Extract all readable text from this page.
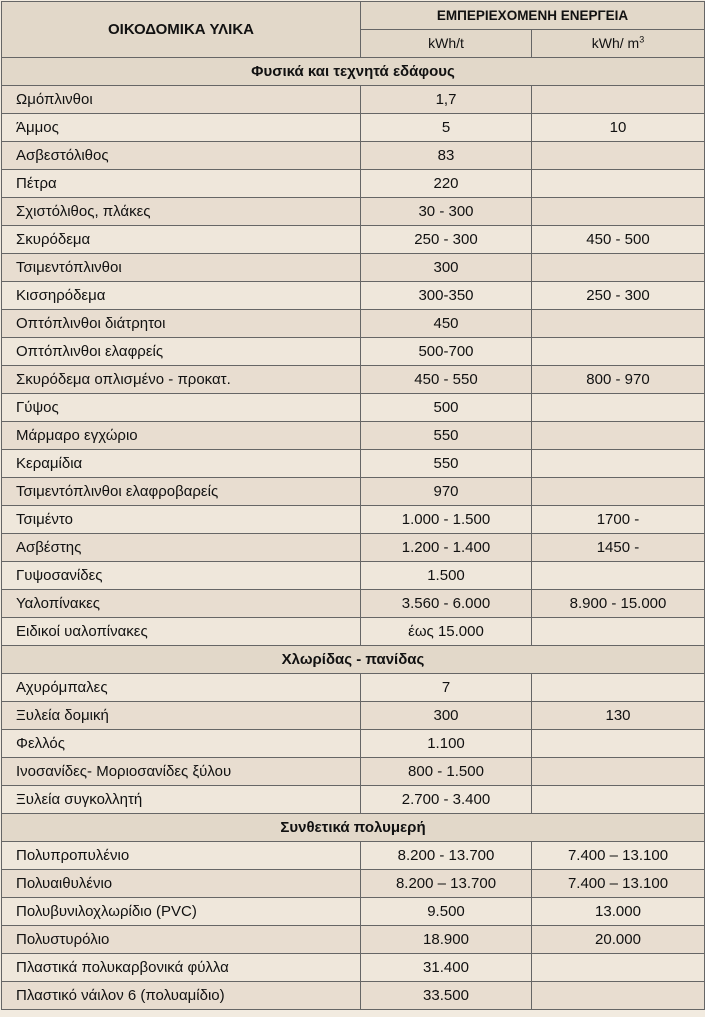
ΟΙΚΟΔΟΜΙΚΑ ΥΛΙΚΑ	ΕΜΠΕΡΙΕΧΟΜΕΝΗ ΕΝΕΡΓΕΙΑ	
	kWh/t	kWh/ $m^3$
Φυσικά και τεχνητά εδάφους		
Ωμόπλινθοι	1,7	
Άμμος	5	10
Ασβεστόλιθος	83	
Πέτρα	220	
Σχιστόλιθος, πλάκες	30 - 300	
Σκυρόδεμα	250 - 300	450 - 500
Τσιμεντόπλινθοι	300	
Κισσηρόδεμα	300-350	250 - 300
Οπτόπλινθοι διάτρητοι	450	
Οπτόπλινθοι ελαφρείς	500-700	
Σκυρόδεμα οπλισμένο - προκατ.	450 - 550	800 - 970
Γύψος	500	
Μάρμαρο εγχώριο	550	
Κεραμίδια	550	
Τσιμεντόπλινθοι ελαφροβαρείς	970	
Τσιμέντο	1.000 - 1.500	1700 -
Ασβέστης	1.200 - 1.400	1450 -
Γυψοσανίδες	1.500	
Υαλοπίνακες	3.560 - 6.000	8.900 - 15.000
Ειδικοί υαλοπίνακες	έως 15.000	
Χλωρίδας - πανίδας		
Αχυρόμπαλες	7	
Ξυλεία δομική	300	130
Φελλός	1.100	
Ινοσανίδες- Μοριοσανίδες ξύλου	800 - 1.500	
Ξυλεία συγκολλητή	2.700 - 3.400	
Συνθετικά πολυμερή		
Πολυπροπυλένιο	8.200 - 13.700	7.400 – 13.100
Πολυαιθυλένιο	8.200 – 13.700	7.400 – 13.100
Πολυβυνιλοχλωρίδιο (PVC)	9.500	13.000
Πολυστυρόλιο	18.900	20.000
Πλαστικά πολυκαρβονικά φύλλα	31.400	
Πλαστικό νάιλον 6 (πολυαμίδιο)	33.500	
